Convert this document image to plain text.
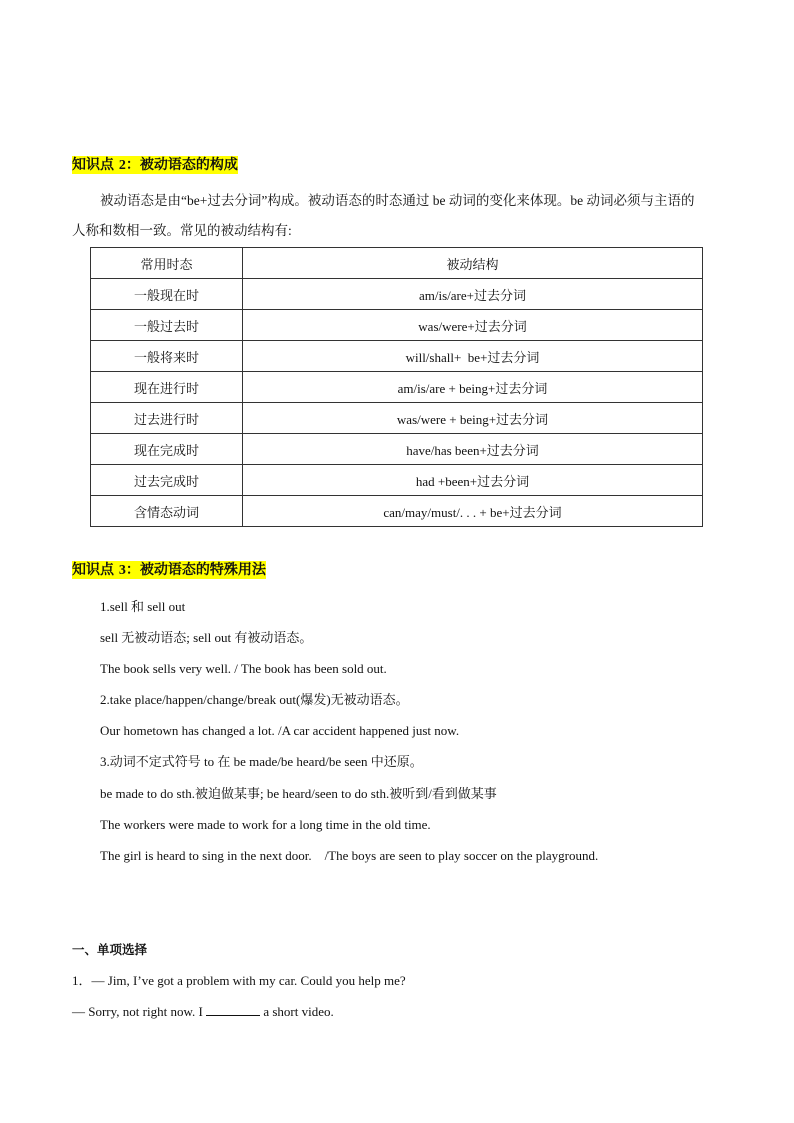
知识点 2：被动语态的构成
被动语态是由“be+过去分词”构成。被动语态的时态通过 be 动词的变化来体现。be 动词必须与主语的
人称和数相一致。常见的被动结构有:
常用时态	被动结构
一般现在时	am/is/are+过去分词
一般过去时	was/were+过去分词
一般将来时	will/shall+  be+过去分词
现在进行时	am/is/are + being+过去分词
过去进行时	was/were + being+过去分词
现在完成时	have/has been+过去分词
过去完成时	had +been+过去分词
含情态动词	can/may/must/. . . + be+过去分词
知识点 3：被动语态的特殊用法
1.sell 和 sell out
sell 无被动语态; sell out 有被动语态。
The book sells very well. / The book has been sold out.
2.take place/happen/change/break out(爆发)无被动语态。
Our hometown has changed a lot. /A car accident happened just now.
3.动词不定式符号 to 在 be made/be heard/be seen 中还原。
be made to do sth.被迫做某事; be heard/seen to do sth.被听到/看到做某事
The workers were made to work for a long time in the old time.
The girl is heard to sing in the next door.    /The boys are seen to play soccer on the playground.
一、单项选择
1．— Jim, I’ve got a problem with my car. Could you help me?
— Sorry, not right now. I	a short video.
